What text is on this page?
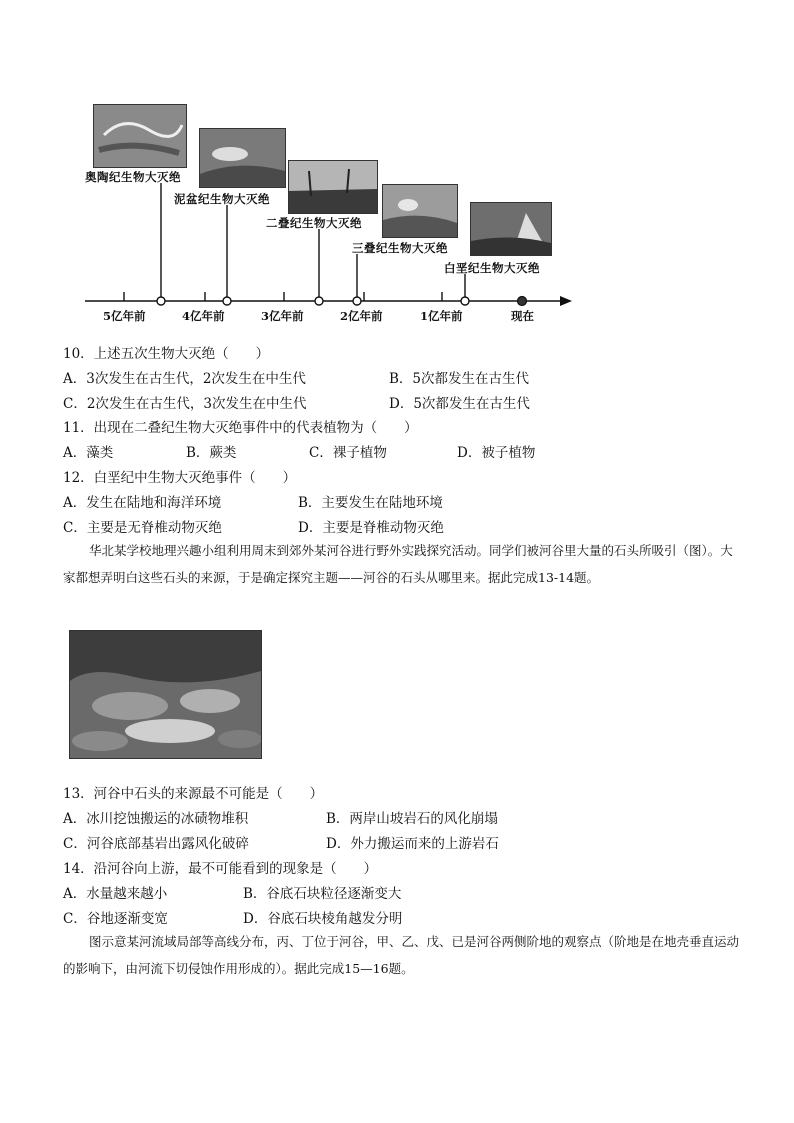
奥陶纪生物大灭绝
泥盆纪生物大灭绝
二叠纪生物大灭绝
三叠纪生物大灭绝
白垩纪生物大灭绝
5亿年前	4亿年前	3亿年前	2亿年前	1亿年前	现在
10．上述五次生物大灭绝（　　）
A．3次发生在古生代，2次发生在中生代	B．5次都发生在古生代
C．2次发生在古生代，3次发生在中生代	D．5次都发生在古生代
11．出现在二叠纪生物大灭绝事件中的代表植物为（　　）
A．藻类	B．蕨类	C．裸子植物	D．被子植物
12．白垩纪中生物大灭绝事件（　　）
A．发生在陆地和海洋环境	B．主要发生在陆地环境
C．主要是无脊椎动物灭绝	D．主要是脊椎动物灭绝
华北某学校地理兴趣小组利用周末到郊外某河谷进行野外实践探究活动。同学们被河谷里大量的石头所吸引（图）。大家都想弄明白这些石头的来源，于是确定探究主题——河谷的石头从哪里来。据此完成13-14题。
13．河谷中石头的来源最不可能是（　　）
A．冰川挖蚀搬运的冰碛物堆积	B．两岸山坡岩石的风化崩塌
C．河谷底部基岩出露风化破碎	D．外力搬运而来的上游岩石
14．沿河谷向上游，最不可能看到的现象是（　　）
A．水量越来越小	B．谷底石块粒径逐渐变大
C．谷地逐渐变宽	D．谷底石块棱角越发分明
图示意某河流域局部等高线分布，丙、丁位于河谷，甲、乙、戊、已是河谷两侧阶地的观察点（阶地是在地壳垂直运动的影响下，由河流下切侵蚀作用形成的）。据此完成15—16题。
